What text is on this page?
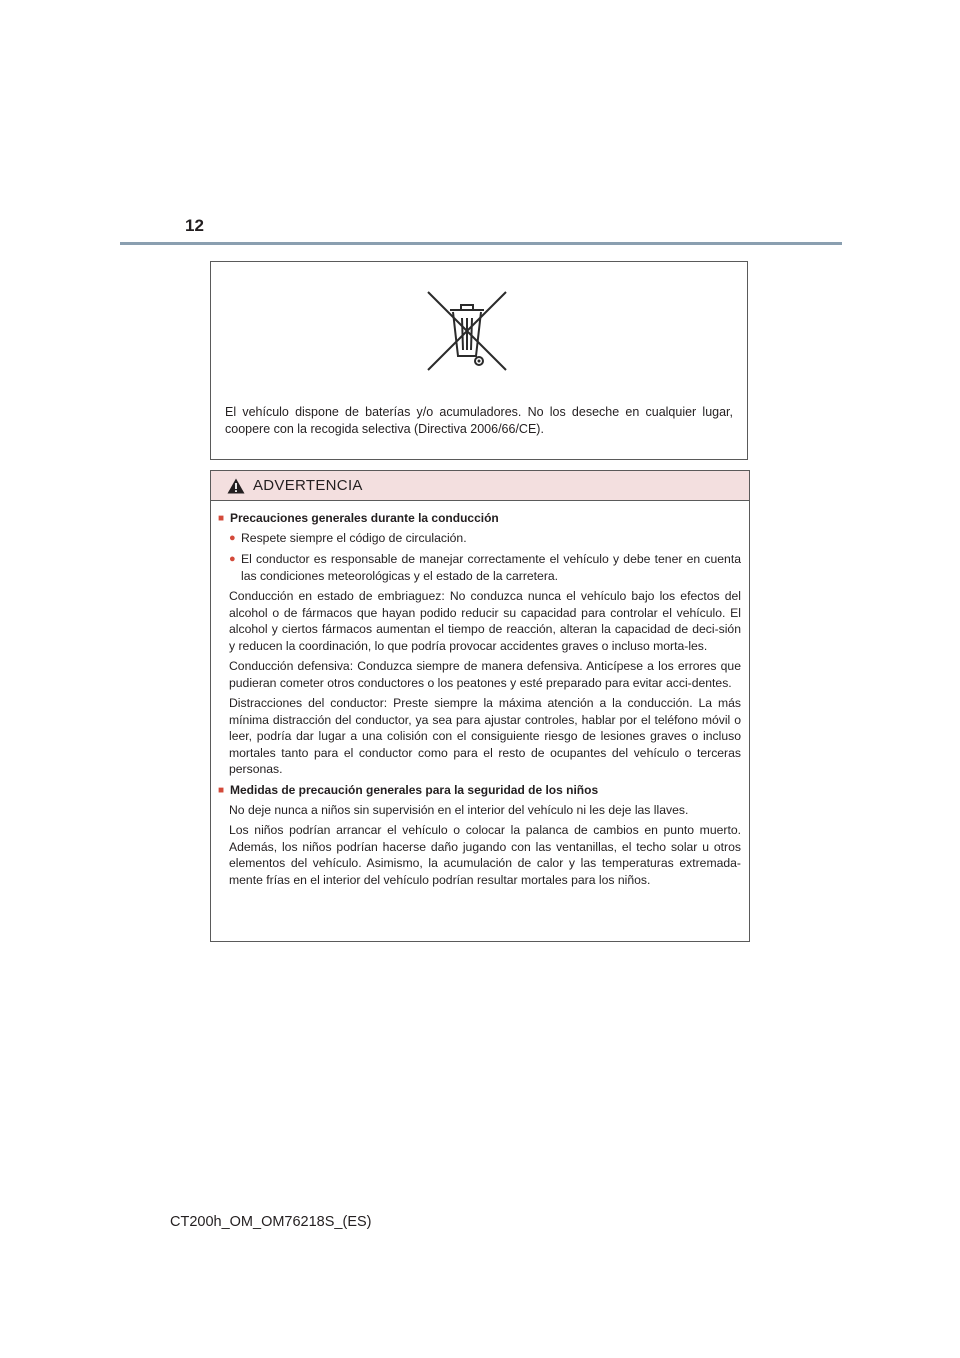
12
El vehículo dispone de baterías y/o acumuladores. No los deseche en cualquier lugar, coopere con la recogida selectiva (Directiva 2006/66/CE).
ADVERTENCIA
■ Precauciones generales durante la conducción
● Respete siempre el código de circulación.
● El conductor es responsable de manejar correctamente el vehículo y debe tener en cuenta las condiciones meteorológicas y el estado de la carretera.
Conducción en estado de embriaguez: No conduzca nunca el vehículo bajo los efectos del alcohol o de fármacos que hayan podido reducir su capacidad para controlar el vehículo. El alcohol y ciertos fármacos aumentan el tiempo de reacción, alteran la capacidad de deci-sión y reducen la coordinación, lo que podría provocar accidentes graves o incluso morta-les.
Conducción defensiva: Conduzca siempre de manera defensiva. Anticípese a los errores que pudieran cometer otros conductores o los peatones y esté preparado para evitar acci-dentes.
Distracciones del conductor: Preste siempre la máxima atención a la conducción. La más mínima distracción del conductor, ya sea para ajustar controles, hablar por el teléfono móvil o leer, podría dar lugar a una colisión con el consiguiente riesgo de lesiones graves o incluso mortales tanto para el conductor como para el resto de ocupantes del vehículo o terceras personas.
■ Medidas de precaución generales para la seguridad de los niños
No deje nunca a niños sin supervisión en el interior del vehículo ni les deje las llaves.
Los niños podrían arrancar el vehículo o colocar la palanca de cambios en punto muerto. Además, los niños podrían hacerse daño jugando con las ventanillas, el techo solar u otros elementos del vehículo. Asimismo, la acumulación de calor y las temperaturas extremada-mente frías en el interior del vehículo podrían resultar mortales para los niños.
CT200h_OM_OM76218S_(ES)
